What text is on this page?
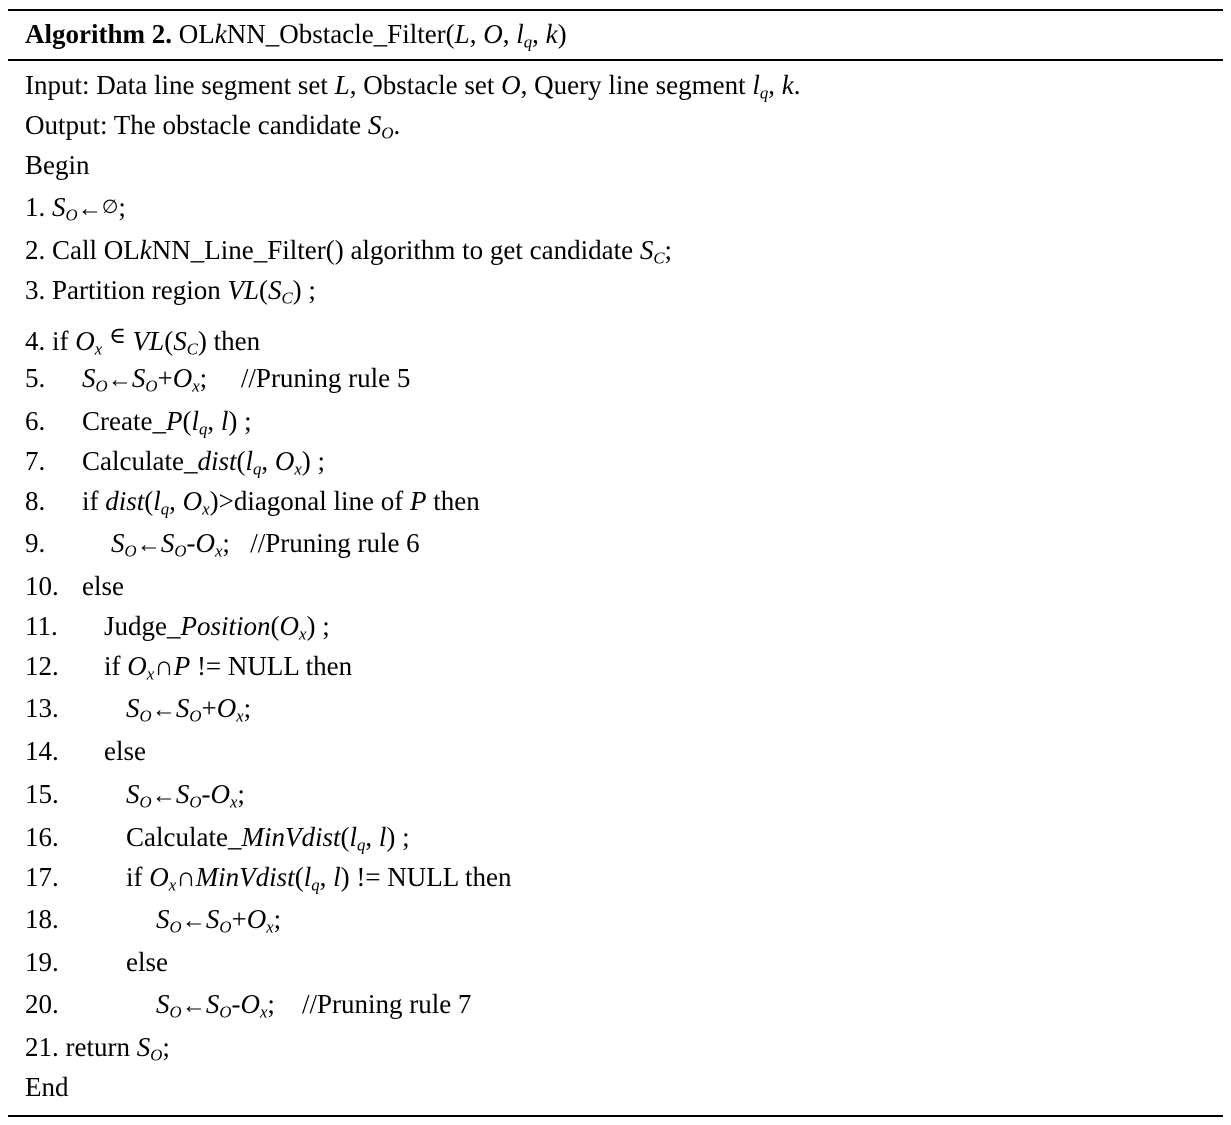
Algorithm 2. OLkNN_Obstacle_Filter(L, O, $l_q$, k)
Input: Data line segment set L, Obstacle set O, Query line segment $l_q$, k.
Output: The obstacle candidate $S_O$.
Begin
1. $S_O\leftarrow\emptyset$;
2. Call OLkNN_Line_Filter() algorithm to get candidate $S_C$;
3. Partition region $VL(S_C)$ ;
4. if $O_x$ ∈ $VL(S_C)$ then
5. $S_O\leftarrow S_O+O_x$;     //Pruning rule 5
6. $Create\_P(l_q$, l) ;
7. $Calculate\_dist(l_q$, $O_x$) ;
8. if $dist(l_q$, $O_x)>diagonal$ line of P then
9. $S_O\leftarrow S_O-O_x$;   //Pruning rule 6
10. else
11. $Judge\_Position(O_x)$ ;
12. if $O_x\cap P$ != NULL then
13. $S_O\leftarrow S_O+O_x$;
14. else
15. $S_O\leftarrow S_O-O_x$;
16. $Calculate\_MinVdist(l_q$, l) ;
17. if $O_x\cap MinVdist(l_q$, l) != NULL then
18.	$S_O\leftarrow S_O+O_x$;
19. else
20.	$S_O\leftarrow S_O-O_x$;    //Pruning rule 7
21. return $S_O$;
End
